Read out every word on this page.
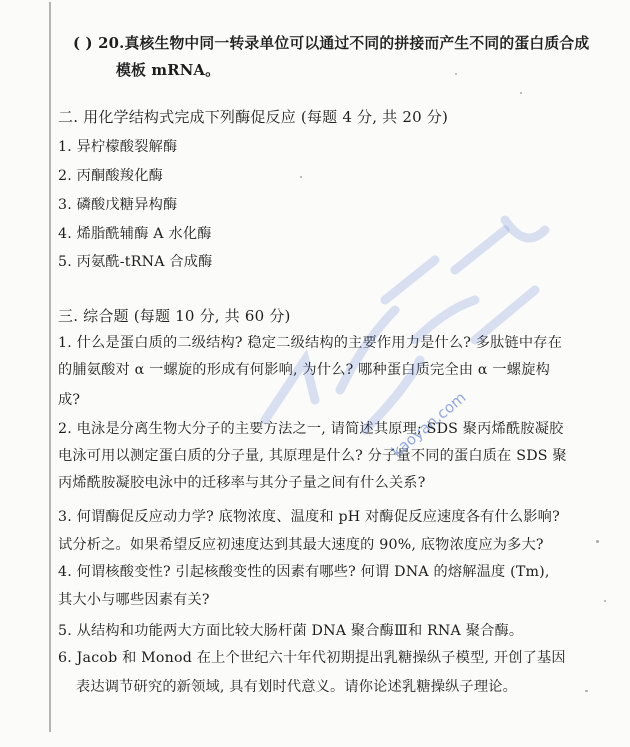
( ) 20.真核生物中同一转录单位可以通过不同的拼接而产生不同的蛋白质合成
模板 mRNA。
二. 用化学结构式完成下列酶促反应 (每题 4 分, 共 20 分)
1. 异柠檬酸裂解酶
2. 丙酮酸羧化酶
3. 磷酸戊糖异构酶
4. 烯脂酰辅酶 A 水化酶
5. 丙氨酰-tRNA 合成酶
三. 综合题 (每题 10 分, 共 60 分)
1. 什么是蛋白质的二级结构? 稳定二级结构的主要作用力是什么? 多肽链中存在
的脯氨酸对 α 一螺旋的形成有何影响, 为什么? 哪种蛋白质完全由 α 一螺旋构
成?
2. 电泳是分离生物大分子的主要方法之一, 请简述其原理; SDS 聚丙烯酰胺凝胶
电泳可用以测定蛋白质的分子量, 其原理是什么? 分子量不同的蛋白质在 SDS 聚
丙烯酰胺凝胶电泳中的迁移率与其分子量之间有什么关系?
3. 何谓酶促反应动力学? 底物浓度、温度和 pH 对酶促反应速度各有什么影响?
试分析之。如果希望反应初速度达到其最大速度的 90%, 底物浓度应为多大?
4. 何谓核酸变性? 引起核酸变性的因素有哪些? 何谓 DNA 的熔解温度 (Tm),
其大小与哪些因素有关?
5. 从结构和功能两大方面比较大肠杆菌 DNA 聚合酶Ⅲ和 RNA 聚合酶。
6. Jacob 和 Monod 在上个世纪六十年代初期提出乳糖操纵子模型, 开创了基因
表达调节研究的新领域, 具有划时代意义。请你论述乳糖操纵子理论。
kaoyan.com
